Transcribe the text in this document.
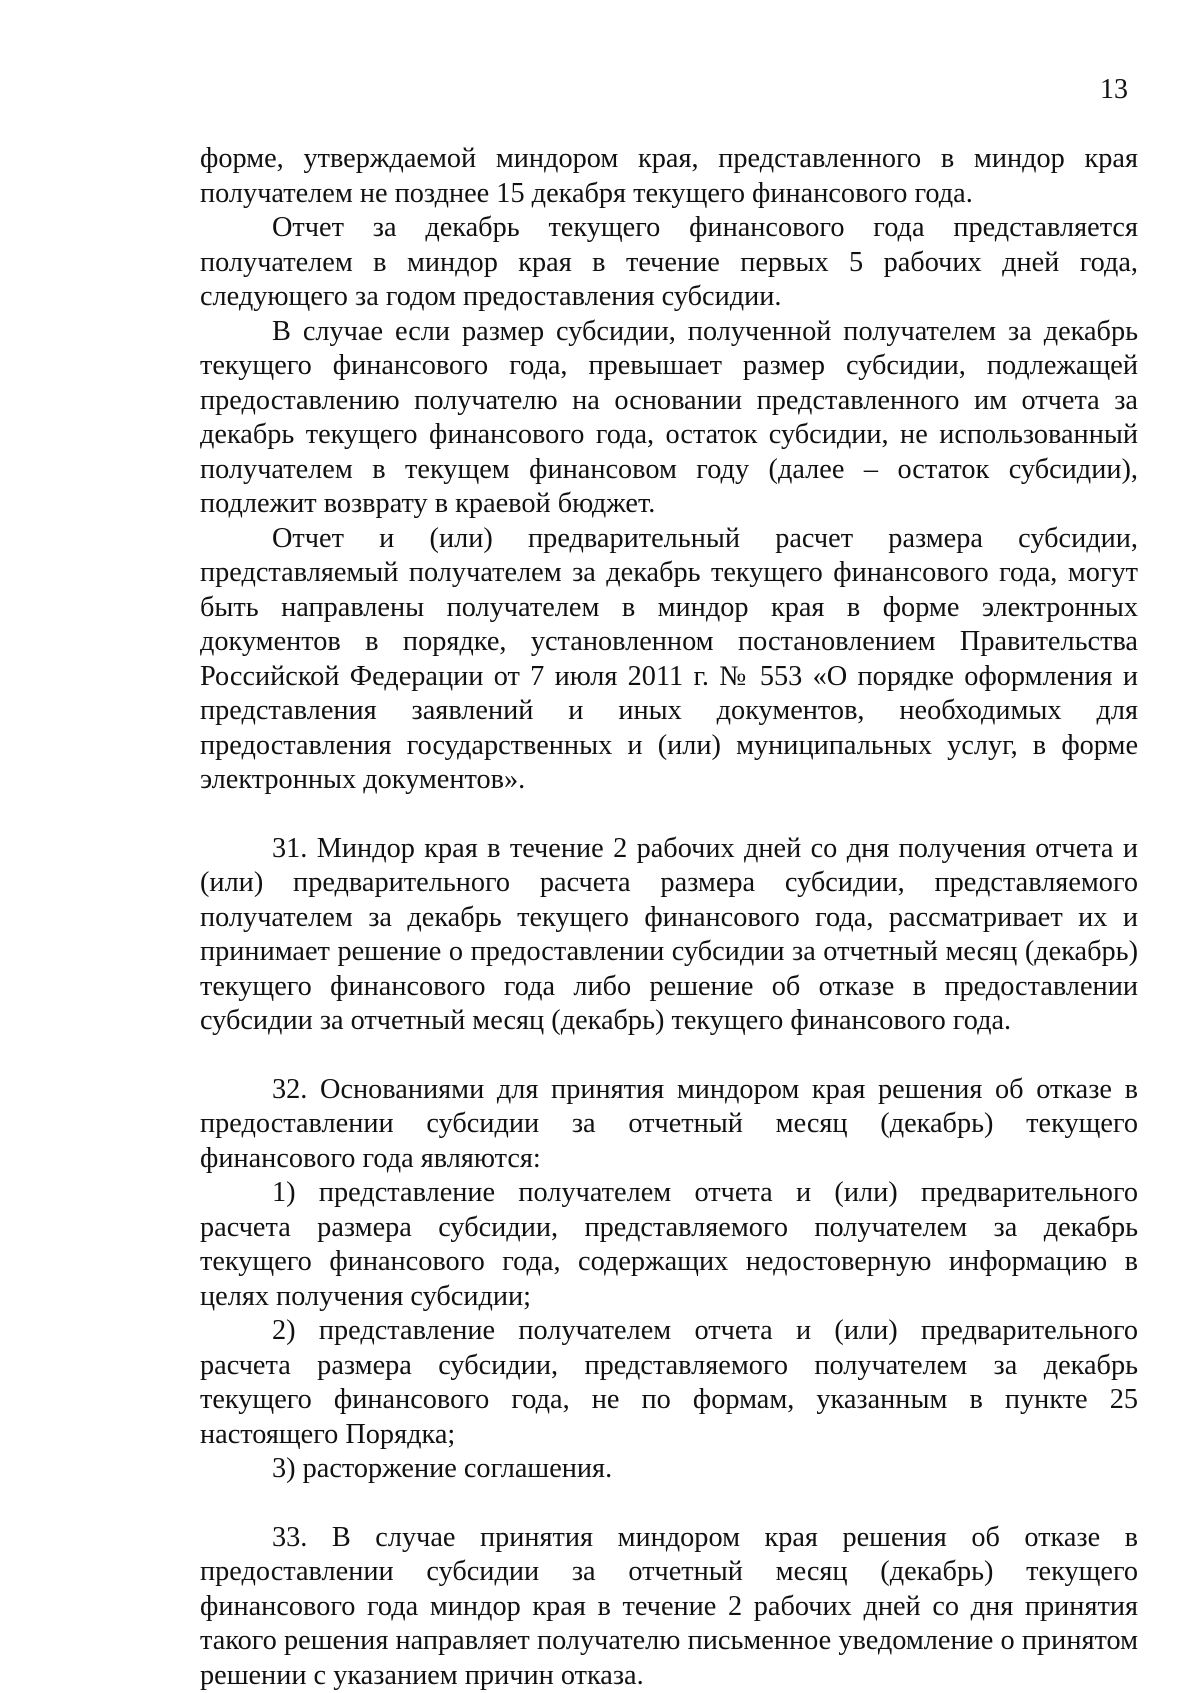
13

форме, утверждаемой миндором края, представленного в миндор края получателем не позднее 15 декабря текущего финансового года.

Отчет за декабрь текущего финансового года представляется получателем в миндор края в течение первых 5 рабочих дней года, следующего за годом предоставления субсидии.

В случае если размер субсидии, полученной получателем за декабрь текущего финансового года, превышает размер субсидии, подлежащей предоставлению получателю на основании представленного им отчета за декабрь текущего финансового года, остаток субсидии, не использованный получателем в текущем финансовом году (далее – остаток субсидии), подлежит возврату в краевой бюджет.

Отчет и (или) предварительный расчет размера субсидии, представляемый получателем за декабрь текущего финансового года, могут быть направлены получателем в миндор края в форме электронных документов в порядке, установленном постановлением Правительства Российской Федерации от 7 июля 2011 г. № 553 «О порядке оформления и представления заявлений и иных документов, необходимых для предоставления государственных и (или) муниципальных услуг, в форме электронных документов».

31. Миндор края в течение 2 рабочих дней со дня получения отчета и (или) предварительного расчета размера субсидии, представляемого получателем за декабрь текущего финансового года, рассматривает их и принимает решение о предоставлении субсидии за отчетный месяц (декабрь) текущего финансового года либо решение об отказе в предоставлении субсидии за отчетный месяц (декабрь) текущего финансового года.

32. Основаниями для принятия миндором края решения об отказе в предоставлении субсидии за отчетный месяц (декабрь) текущего финансового года являются:

1) представление получателем отчета и (или) предварительного расчета размера субсидии, представляемого получателем за декабрь текущего финансового года, содержащих недостоверную информацию в целях получения субсидии;

2) представление получателем отчета и (или) предварительного расчета размера субсидии, представляемого получателем за декабрь текущего финансового года, не по формам, указанным в пункте 25 настоящего Порядка;

3) расторжение соглашения.

33. В случае принятия миндором края решения об отказе в предоставлении субсидии за отчетный месяц (декабрь) текущего финансового года миндор края в течение 2 рабочих дней со дня принятия такого решения направляет получателю письменное уведомление о принятом решении с указанием причин отказа.
